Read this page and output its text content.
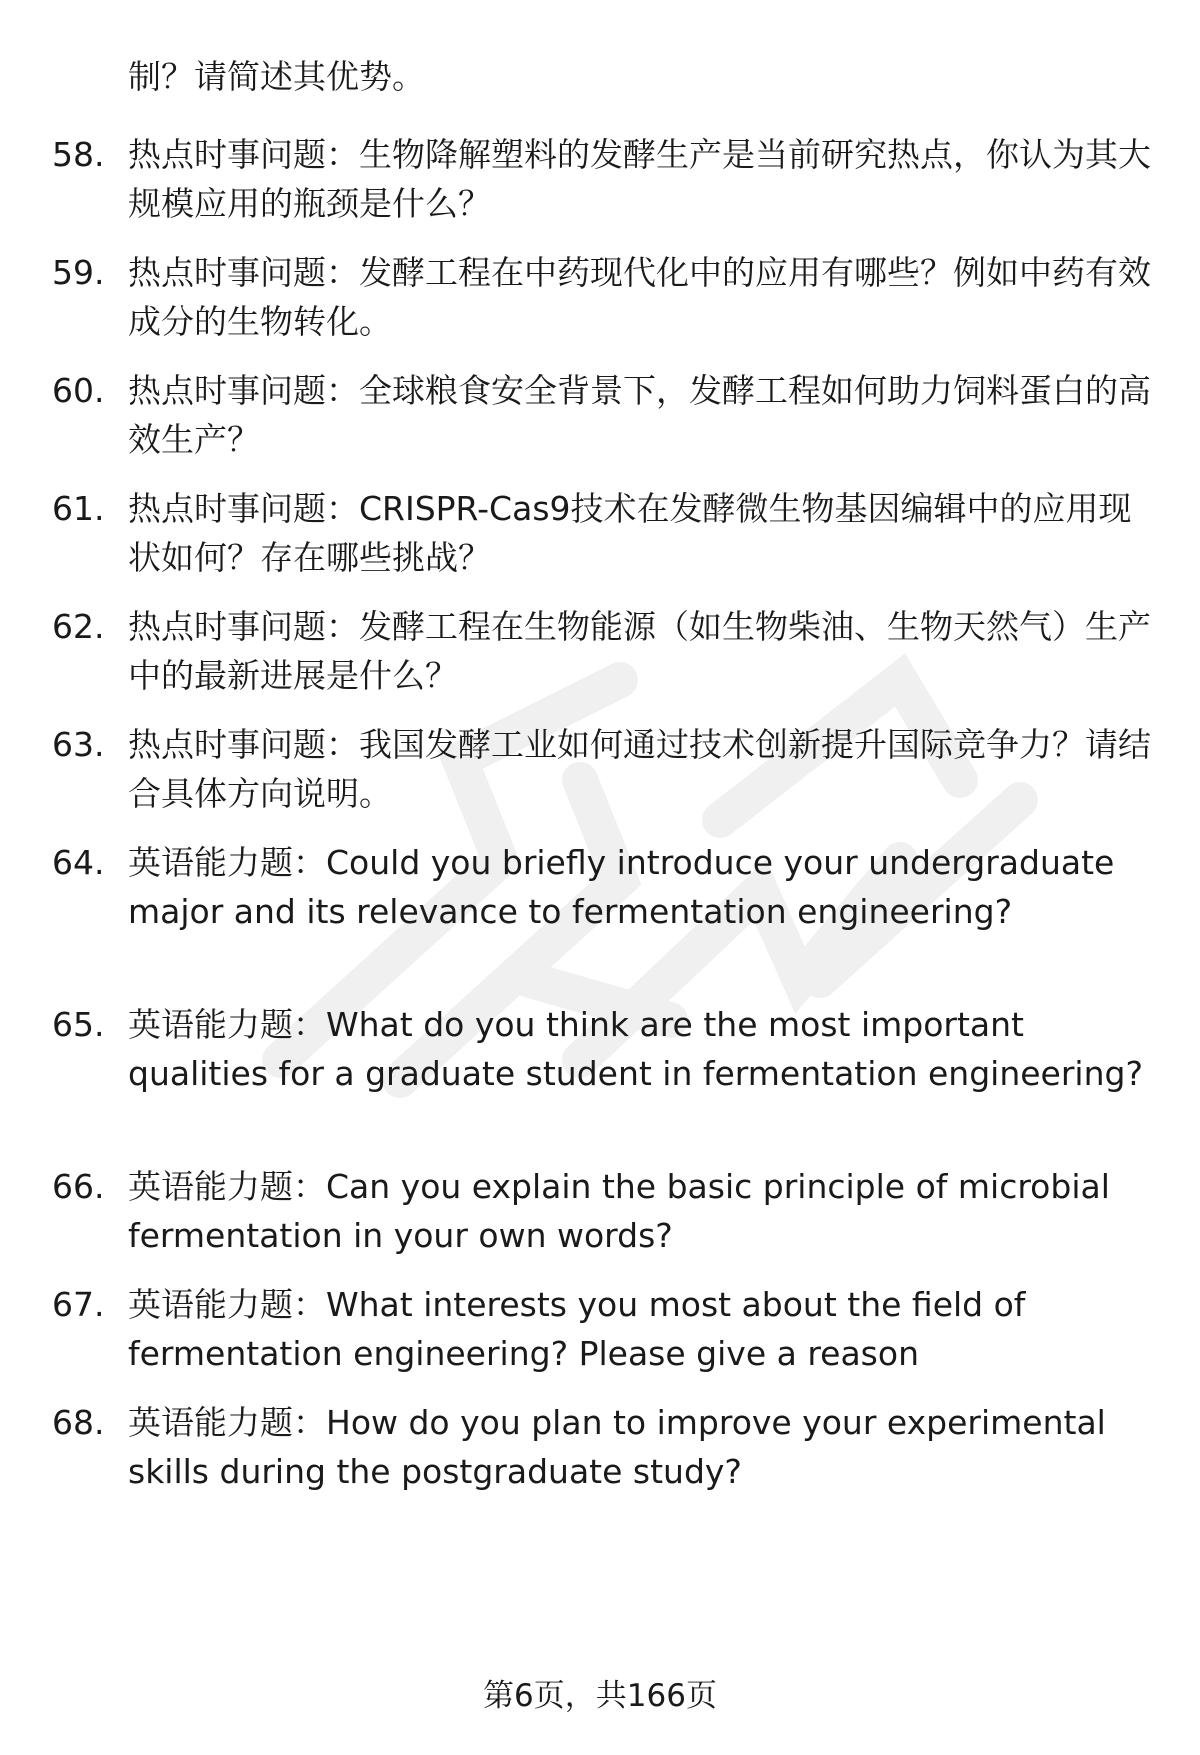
制？请简述其优势。
58. 热点时事问题：生物降解塑料的发酵生产是当前研究热点，你认为其大规模应用的瓶颈是什么？
59. 热点时事问题：发酵工程在中药现代化中的应用有哪些？例如中药有效成分的生物转化。
60. 热点时事问题：全球粮食安全背景下，发酵工程如何助力饲料蛋白的高效生产？
61. 热点时事问题：CRISPR-Cas9技术在发酵微生物基因编辑中的应用现状如何？存在哪些挑战？
62. 热点时事问题：发酵工程在生物能源（如生物柴油、生物天然气）生产中的最新进展是什么？
63. 热点时事问题：我国发酵工业如何通过技术创新提升国际竞争力？请结合具体方向说明。
64. 英语能力题：Could you briefly introduce your undergraduate major and its relevance to fermentation engineering?
65. 英语能力题：What do you think are the most important qualities for a graduate student in fermentation engineering?
66. 英语能力题：Can you explain the basic principle of microbial fermentation in your own words?
67. 英语能力题：What interests you most about the field of fermentation engineering? Please give a reason
68. 英语能力题：How do you plan to improve your experimental skills during the postgraduate study?
第6页，共166页
